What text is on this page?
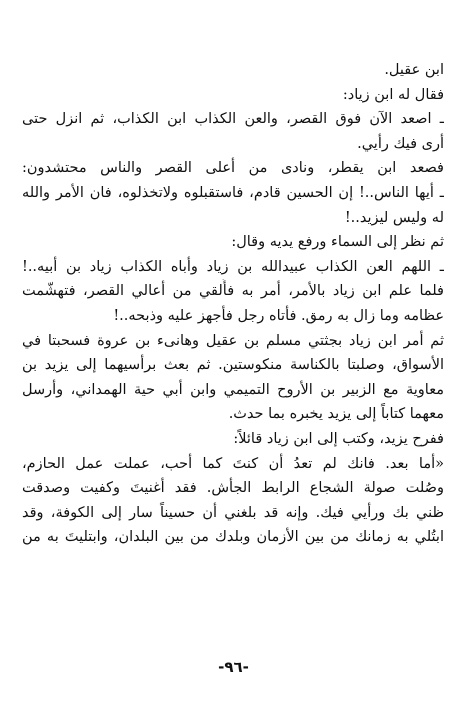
ابن عقيل.
فقال له ابن زياد:
ـ اصعد الآن فوق القصر، والعن الكذاب ابن الكذاب، ثم انزل حتى
أرى فيك رأيي.
فصعد ابن يقطر، ونادى من أعلى القصر والناس محتشدون:
ـ أيها الناس..! إن الحسين قادم، فاستقبلوه ولاتخذلوه، فان الأمر والله
له وليس ليزيد..!
ثم نظر إلى السماء ورفع يديه وقال:
ـ اللهم العن الكذاب عبيدالله بن زياد وأباه الكذاب زياد بن أبيه..!
فلما علم ابن زياد بالأمر، أمر به فأُلقي من أعالي القصر، فتهشّمت
عظامه وما زال به رمق. فأتاه رجل فأجهز عليه وذبحه..!
ثم أمر ابن زياد بجثتي مسلم بن عقيل وهانىء بن عروة فسحبتا في
الأسواق، وصلبتا بالكناسة منكوستين. ثم بعث برأسيهما إلى يزيد بن
معاوية مع الزبير بن الأروح التميمي وابن أبي حية الهمداني، وأرسل
معهما كتاباً إلى يزيد يخبره بما حدث.
ففرح يزيد، وكتب إلى ابن زياد قائلاً:
«أما بعد. فانك لم تعدُ أن كنتَ كما أحب، عملت عمل الحازم،
وصُلت صولة الشجاع الرابط الجأش. فقد أغنيتَ وكفيت وصدقت
ظني بك ورأيي فيك. وإنه قد بلغني أن حسيناً سار إلى الكوفة، وقد
ابتُلي به زمانك من بين الأزمان وبلدك من بين البلدان، وابتليتَ به من
-٩٦-
